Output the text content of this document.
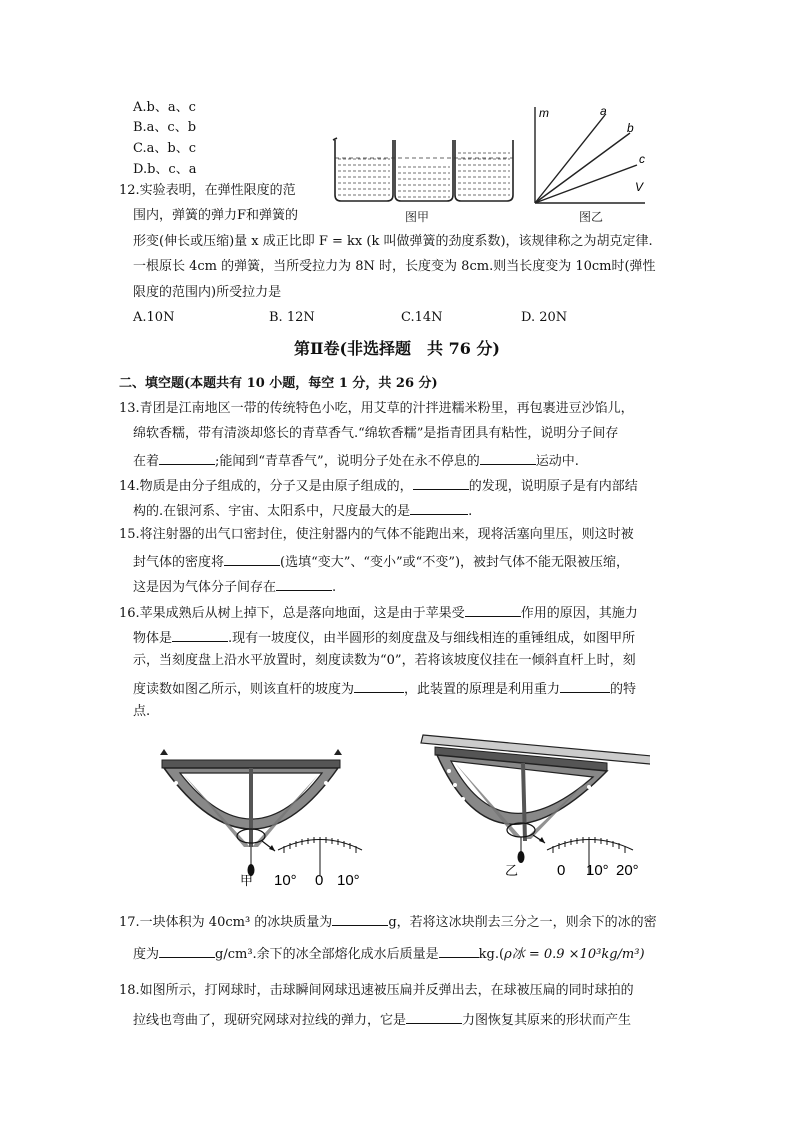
A.b、a、c
B.a、c、b
C.a、b、c
D.b、c、a
图甲
m
V
a
b
c
图乙
12.实验表明，在弹性限度的范
围内，弹簧的弹力F和弹簧的
形变(伸长或压缩)量 x 成正比即 F = kx (k 叫做弹簧的劲度系数)，该规律称之为胡克定律.
一根原长 4cm 的弹簧，当所受拉力为 8N 时，长度变为 8cm.则当长度变为 10cm时(弹性
限度的范围内)所受拉力是
A.10N	B. 12N	C.14N	D. 20N
第Ⅱ卷(非选择题　共 76 分)
二、填空题(本题共有 10 小题，每空 1 分，共 26 分)
13.青团是江南地区一带的传统特色小吃，用艾草的汁拌进糯米粉里，再包裹进豆沙馅儿，
绵软香糯，带有清淡却悠长的青草香气.“绵软香糯”是指青团具有粘性，说明分子间存
在着	;能闻到“青草香气”，说明分子处在永不停息的	运动中.
14.物质是由分子组成的，分子又是由原子组成的，	的发现，说明原子是有内部结
构的.在银河系、宇宙、太阳系中，尺度最大的是	.
15.将注射器的出气口密封住，使注射器内的气体不能跑出来，现将活塞向里压，则这时被
封气体的密度将	(选填“变大”、“变小”或“不变”)，被封气体不能无限被压缩，
这是因为气体分子间存在	.
16.苹果成熟后从树上掉下，总是落向地面，这是由于苹果受	作用的原因，其施力
物体是	.现有一坡度仪，由半圆形的刻度盘及与细线相连的重锤组成，如图甲所
示，当刻度盘上沿水平放置时，刻度读数为“0”，若将该坡度仪挂在一倾斜直杆上时，刻
度读数如图乙所示，则该直杆的坡度为	，此装置的原理是利用重力	的特
点.
甲 10° 0 10°
乙	0 10° 20°
17.一块体积为 40cm³ 的冰块质量为	g，若将这冰块削去三分之一，则余下的冰的密
度为	g/cm³.余下的冰全部熔化成水后质量是	kg.(ρ冰 = 0.9 ×10³kg/m³)
18.如图所示，打网球时，击球瞬间网球迅速被压扁并反弹出去，在球被压扁的同时球拍的
拉线也弯曲了，现研究网球对拉线的弹力，它是	力图恢复其原来的形状而产生
